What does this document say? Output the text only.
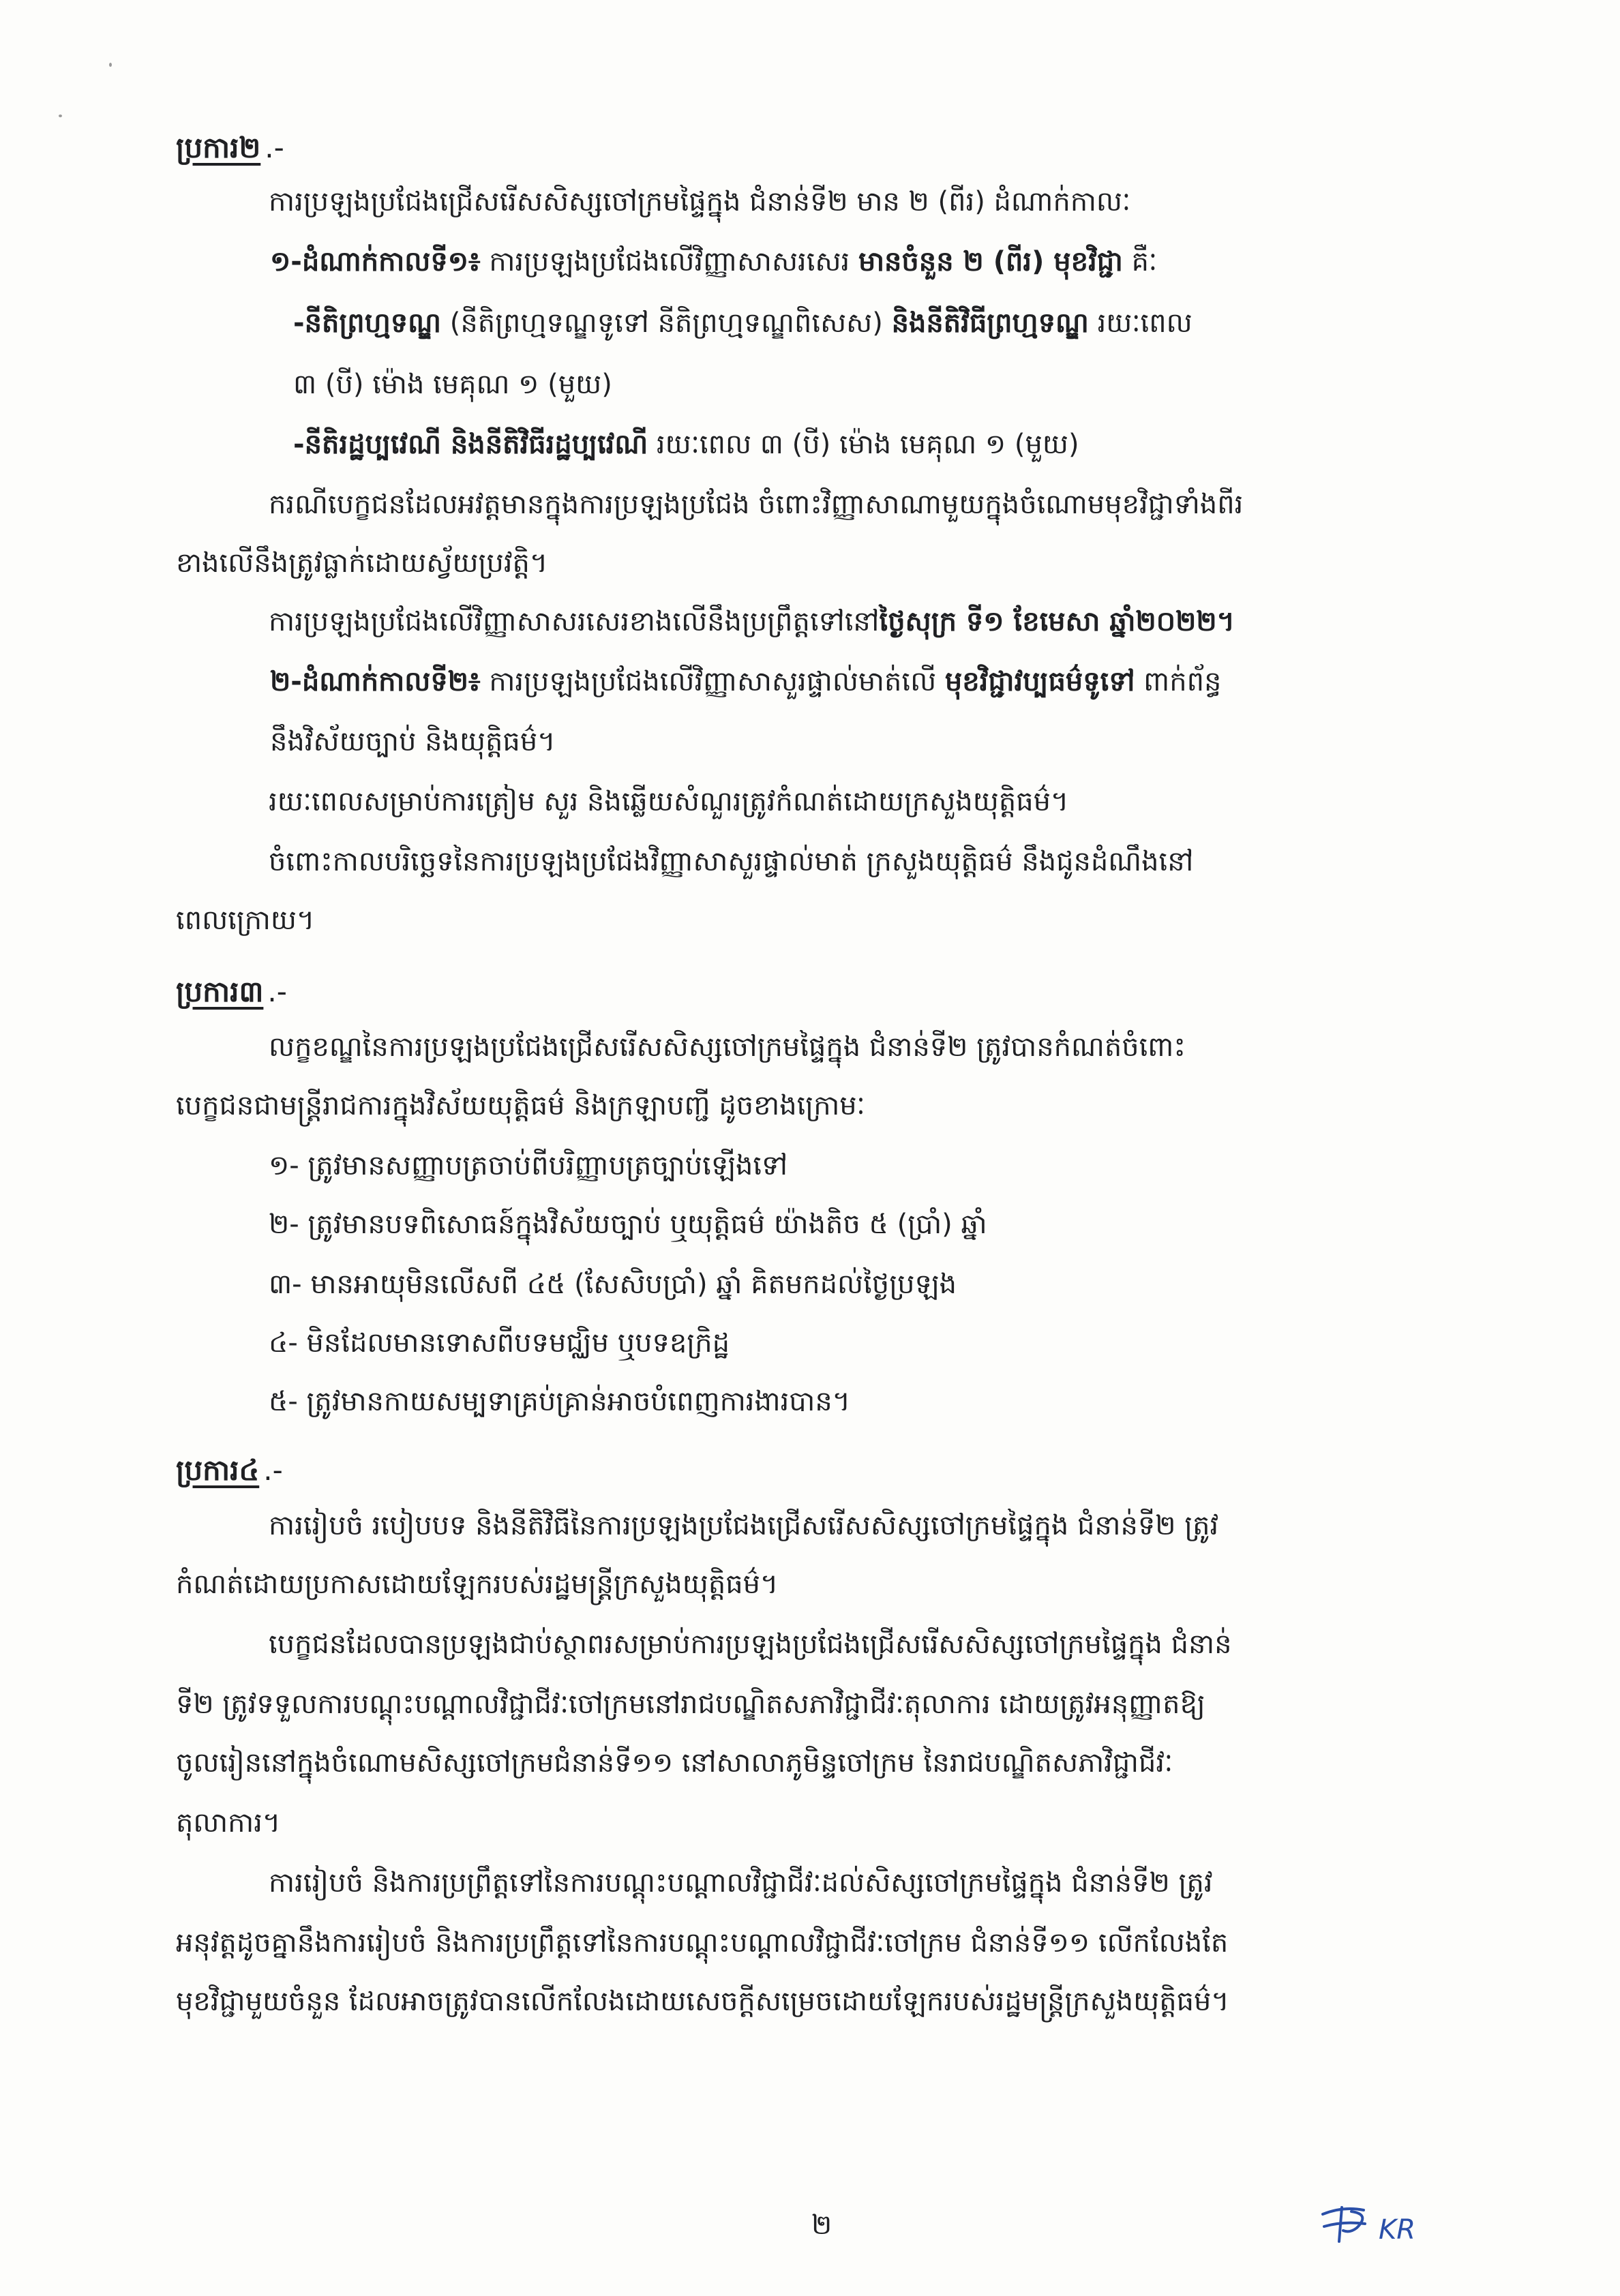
ប្រការ២ .-
ការប្រឡងប្រជែងជ្រើសរើសសិស្សចៅក្រមផ្ទៃក្នុង ជំនាន់ទី២ មាន ២ (ពីរ) ដំណាក់កាលៈ
១-ដំណាក់កាលទី១៖ ការប្រឡងប្រជែងលើវិញ្ញាសាសរសេរ មានចំនួន ២ (ពីរ) មុខវិជ្ជា គឺៈ
-នីតិព្រហ្មទណ្ឌ (នីតិព្រហ្មទណ្ឌទូទៅ នីតិព្រហ្មទណ្ឌពិសេស) និងនីតិវិធីព្រហ្មទណ្ឌ រយៈពេល
៣ (បី) ម៉ោង មេគុណ ១ (មួយ)
-នីតិរដ្ឋប្បវេណី និងនីតិវិធីរដ្ឋប្បវេណី រយៈពេល ៣ (បី) ម៉ោង មេគុណ ១ (មួយ)
ករណីបេក្ខជនដែលអវត្តមានក្នុងការប្រឡងប្រជែង ចំពោះវិញ្ញាសាណាមួយក្នុងចំណោមមុខវិជ្ជាទាំងពីរ
ខាងលើនឹងត្រូវធ្លាក់ដោយស្វ័យប្រវត្តិ។
ការប្រឡងប្រជែងលើវិញ្ញាសាសរសេរខាងលើនឹងប្រព្រឹត្តទៅនៅថ្ងៃសុក្រ ទី១ ខែមេសា ឆ្នាំ២០២២។
២-ដំណាក់កាលទី២៖ ការប្រឡងប្រជែងលើវិញ្ញាសាសួរផ្ទាល់មាត់លើ មុខវិជ្ជាវប្បធម៌ទូទៅ ពាក់ព័ន្ធ
នឹងវិស័យច្បាប់ និងយុត្តិធម៌។
រយៈពេលសម្រាប់ការត្រៀម សួរ និងឆ្លើយសំណួរត្រូវកំណត់ដោយក្រសួងយុត្តិធម៌។
ចំពោះកាលបរិច្ឆេទនៃការប្រឡងប្រជែងវិញ្ញាសាសួរផ្ទាល់មាត់ ក្រសួងយុត្តិធម៌ នឹងជូនដំណឹងនៅ
ពេលក្រោយ។
ប្រការ៣ .-
លក្ខខណ្ឌនៃការប្រឡងប្រជែងជ្រើសរើសសិស្សចៅក្រមផ្ទៃក្នុង ជំនាន់ទី២ ត្រូវបានកំណត់ចំពោះ
បេក្ខជនជាមន្ត្រីរាជការក្នុងវិស័យយុត្តិធម៌ និងក្រឡាបញ្ជី ដូចខាងក្រោមៈ
១- ត្រូវមានសញ្ញាបត្រចាប់ពីបរិញ្ញាបត្រច្បាប់ឡើងទៅ
២- ត្រូវមានបទពិសោធន៍ក្នុងវិស័យច្បាប់ ឬយុត្តិធម៌ យ៉ាងតិច ៥ (ប្រាំ) ឆ្នាំ
៣- មានអាយុមិនលើសពី ៤៥ (សែសិបប្រាំ) ឆ្នាំ គិតមកដល់ថ្ងៃប្រឡង
៤- មិនដែលមានទោសពីបទមជ្ឈិម ឬបទឧក្រិដ្ឋ
៥- ត្រូវមានកាយសម្បទាគ្រប់គ្រាន់អាចបំពេញការងារបាន។
ប្រការ៤ .-
ការរៀបចំ របៀបបទ និងនីតិវិធីនៃការប្រឡងប្រជែងជ្រើសរើសសិស្សចៅក្រមផ្ទៃក្នុង ជំនាន់ទី២ ត្រូវ
កំណត់ដោយប្រកាសដោយឡែករបស់រដ្ឋមន្ត្រីក្រសួងយុត្តិធម៌។
បេក្ខជនដែលបានប្រឡងជាប់ស្ថាពរសម្រាប់ការប្រឡងប្រជែងជ្រើសរើសសិស្សចៅក្រមផ្ទៃក្នុង ជំនាន់
ទី២ ត្រូវទទួលការបណ្ដុះបណ្ដាលវិជ្ជាជីវៈចៅក្រមនៅរាជបណ្ឌិតសភាវិជ្ជាជីវៈតុលាការ ដោយត្រូវអនុញ្ញាតឱ្យ
ចូលរៀននៅក្នុងចំណោមសិស្សចៅក្រមជំនាន់ទី១១ នៅសាលាភូមិន្ទចៅក្រម នៃរាជបណ្ឌិតសភាវិជ្ជាជីវៈ
តុលាការ។
ការរៀបចំ និងការប្រព្រឹត្តទៅនៃការបណ្ដុះបណ្ដាលវិជ្ជាជីវៈដល់សិស្សចៅក្រមផ្ទៃក្នុង ជំនាន់ទី២ ត្រូវ
អនុវត្តដូចគ្នានឹងការរៀបចំ និងការប្រព្រឹត្តទៅនៃការបណ្ដុះបណ្ដាលវិជ្ជាជីវៈចៅក្រម ជំនាន់ទី១១ លើកលែងតែ
មុខវិជ្ជាមួយចំនួន ដែលអាចត្រូវបានលើកលែងដោយសេចក្ដីសម្រេចដោយឡែករបស់រដ្ឋមន្ត្រីក្រសួងយុត្តិធម៌។
២	KR
